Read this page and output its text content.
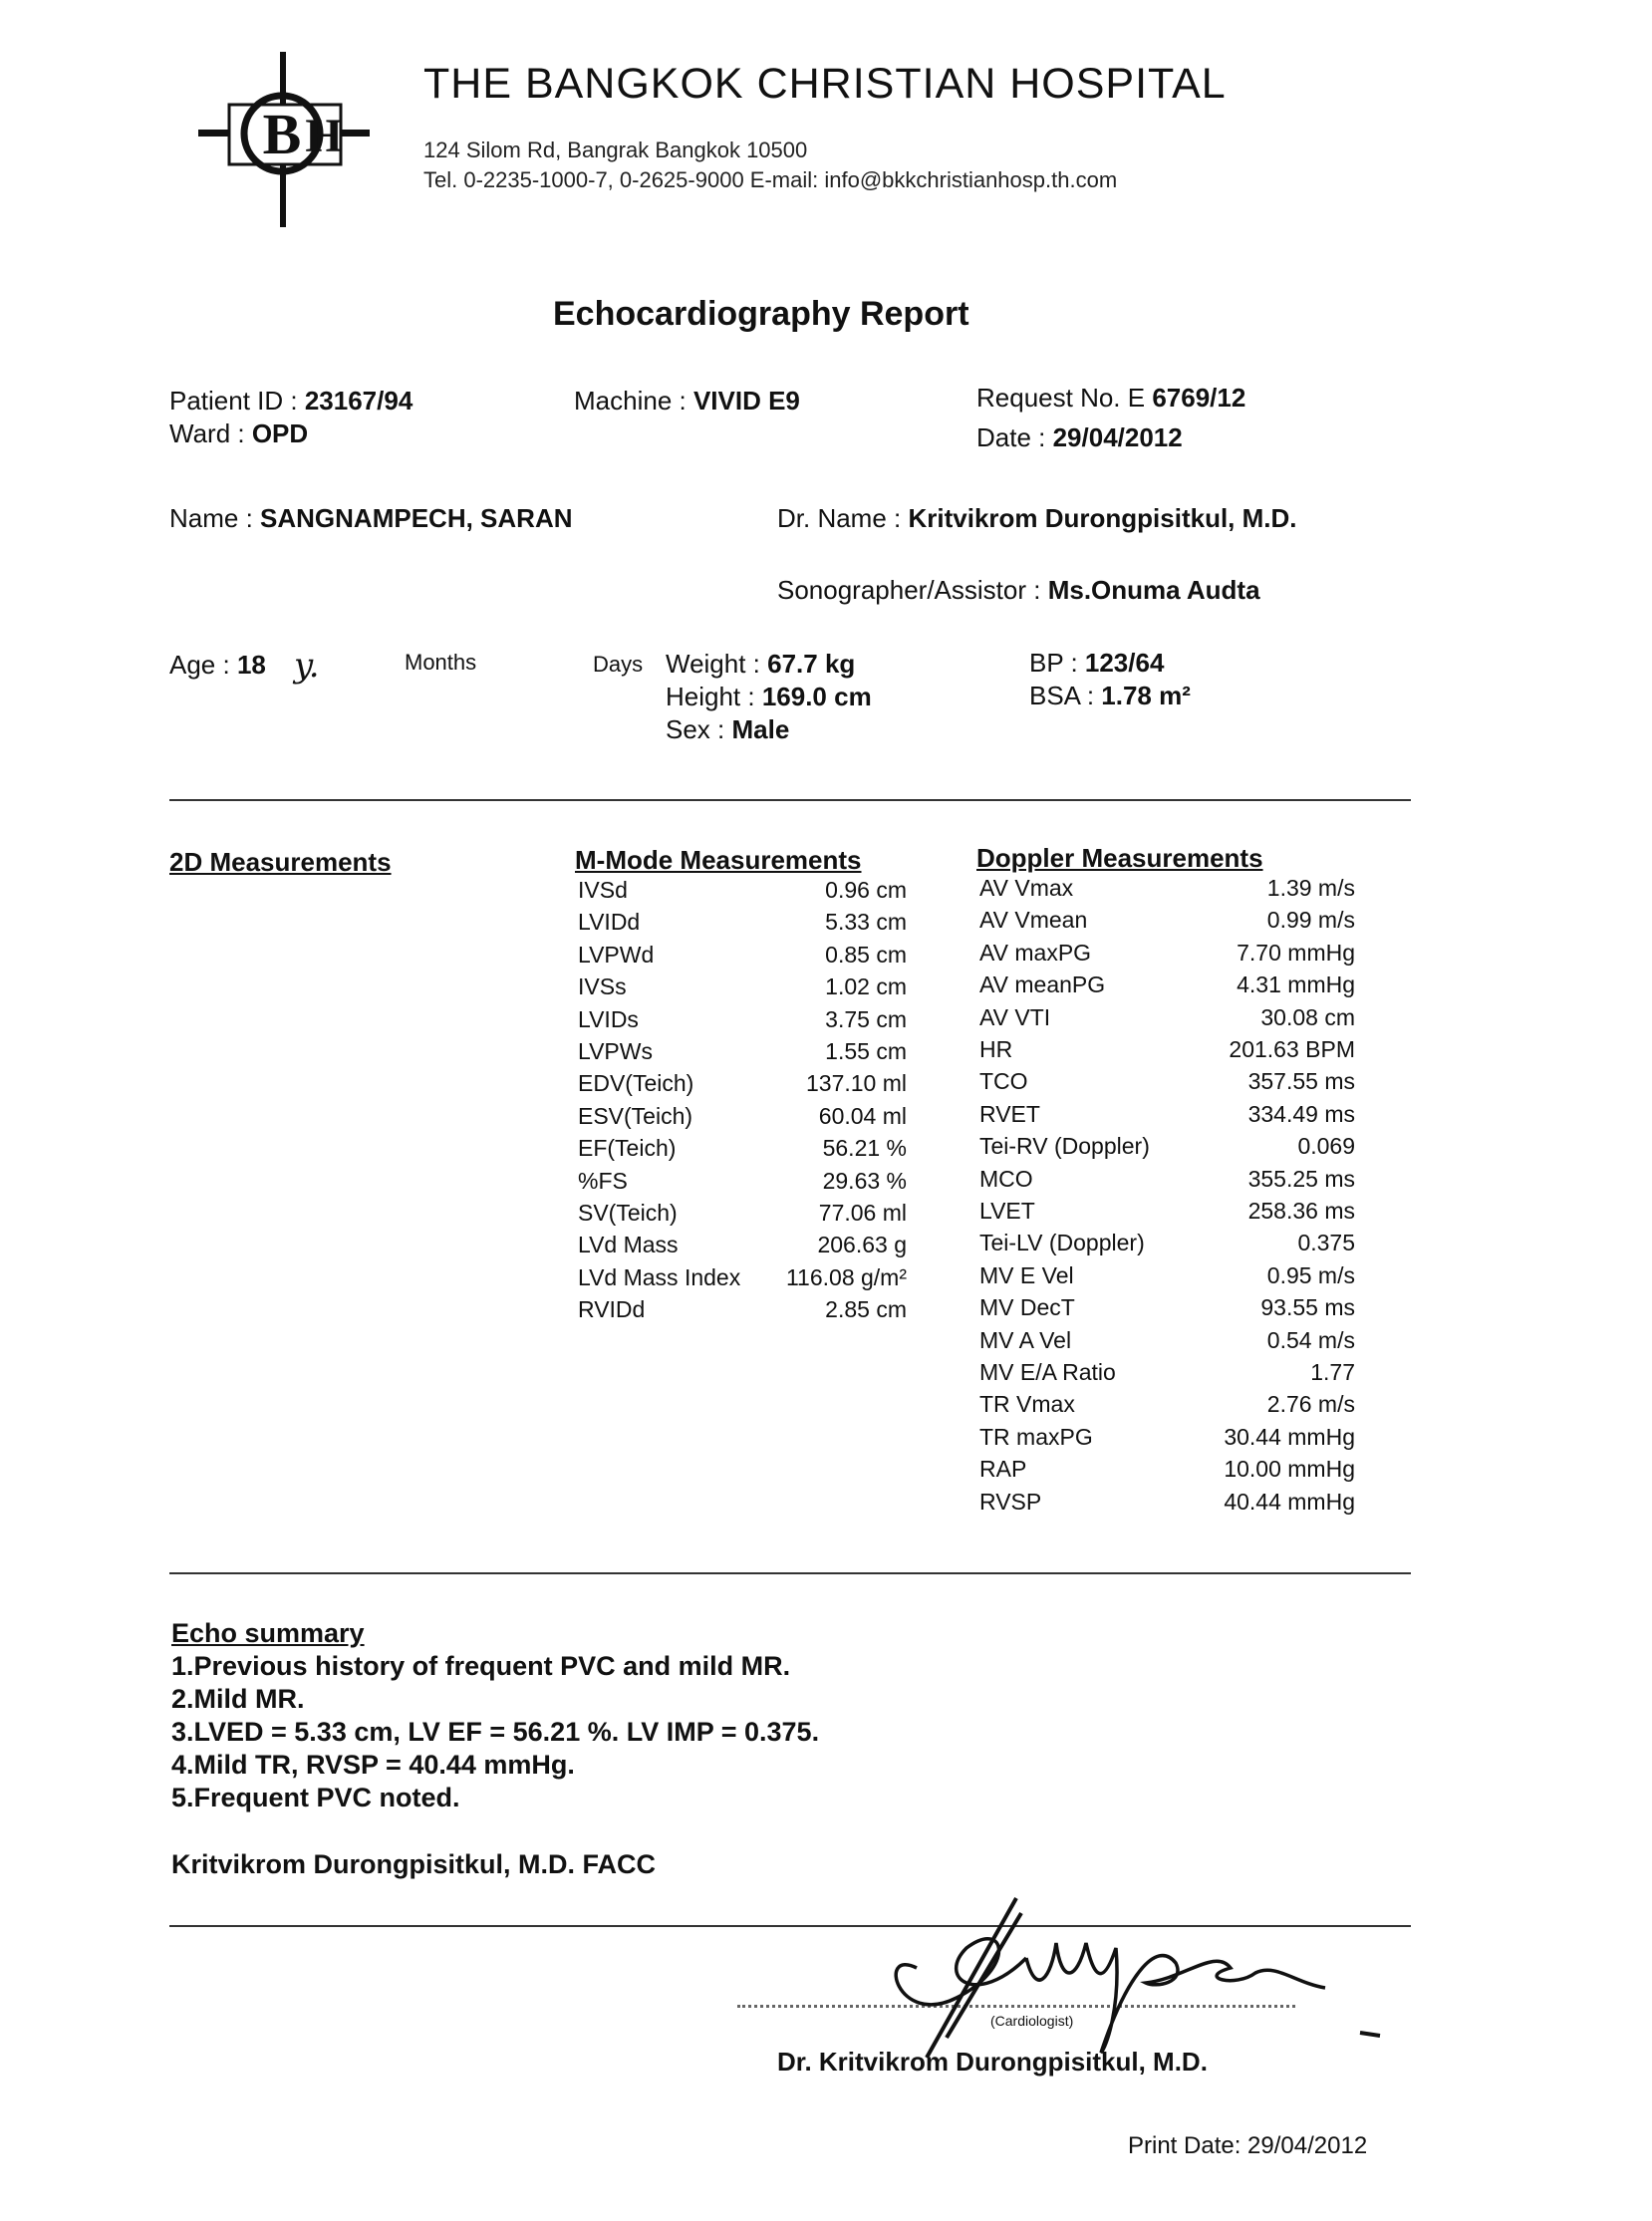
B H
THE BANGKOK CHRISTIAN HOSPITAL
124 Silom Rd, Bangrak Bangkok 10500
Tel. 0-2235-1000-7, 0-2625-9000 E-mail: info@bkkchristianhosp.th.com
Echocardiography Report
Patient ID : 23167/94
Ward : OPD
Machine : VIVID E9	Request No. E 6769/12
Date : 29/04/2012
Name : SANGNAMPECH, SARAN	Dr. Name : Kritvikrom Durongpisitkul, M.D.
Sonographer/Assistor : Ms.Onuma Audta
Age : 18 y.	Months	Days Weight : 67.7 kg
Height : 169.0 cm
Sex : Male
BP : 123/64
BSA : 1.78 m²
2D Measurements	M-Mode Measurements	Doppler Measurements
IVSd	0.96 cm
LVIDd	5.33 cm
LVPWd	0.85 cm
IVSs	1.02 cm
LVIDs	3.75 cm
LVPWs	1.55 cm
EDV(Teich)	137.10 ml
ESV(Teich)	60.04 ml
EF(Teich)	56.21 %
%FS	29.63 %
SV(Teich)	77.06 ml
LVd Mass	206.63 g
LVd Mass Index	116.08 g/m²
RVIDd	2.85 cm
AV Vmax	1.39 m/s
AV Vmean	0.99 m/s
AV maxPG	7.70 mmHg
AV meanPG	4.31 mmHg
AV VTI	30.08 cm
HR	201.63 BPM
TCO	357.55 ms
RVET	334.49 ms
Tei-RV (Doppler)	0.069
MCO	355.25 ms
LVET	258.36 ms
Tei-LV (Doppler)	0.375
MV E Vel	0.95 m/s
MV DecT	93.55 ms
MV A Vel	0.54 m/s
MV E/A Ratio	1.77
TR Vmax	2.76 m/s
TR maxPG	30.44 mmHg
RAP	10.00 mmHg
RVSP	40.44 mmHg
Echo summary
1.Previous history of frequent PVC and mild MR.
2.Mild MR.
3.LVED = 5.33 cm, LV EF = 56.21 %. LV IMP = 0.375.
4.Mild TR, RVSP = 40.44 mmHg.
5.Frequent PVC noted.
Kritvikrom Durongpisitkul, M.D. FACC
(Cardiologist)
Dr. Kritvikrom Durongpisitkul, M.D.
Print Date: 29/04/2012
